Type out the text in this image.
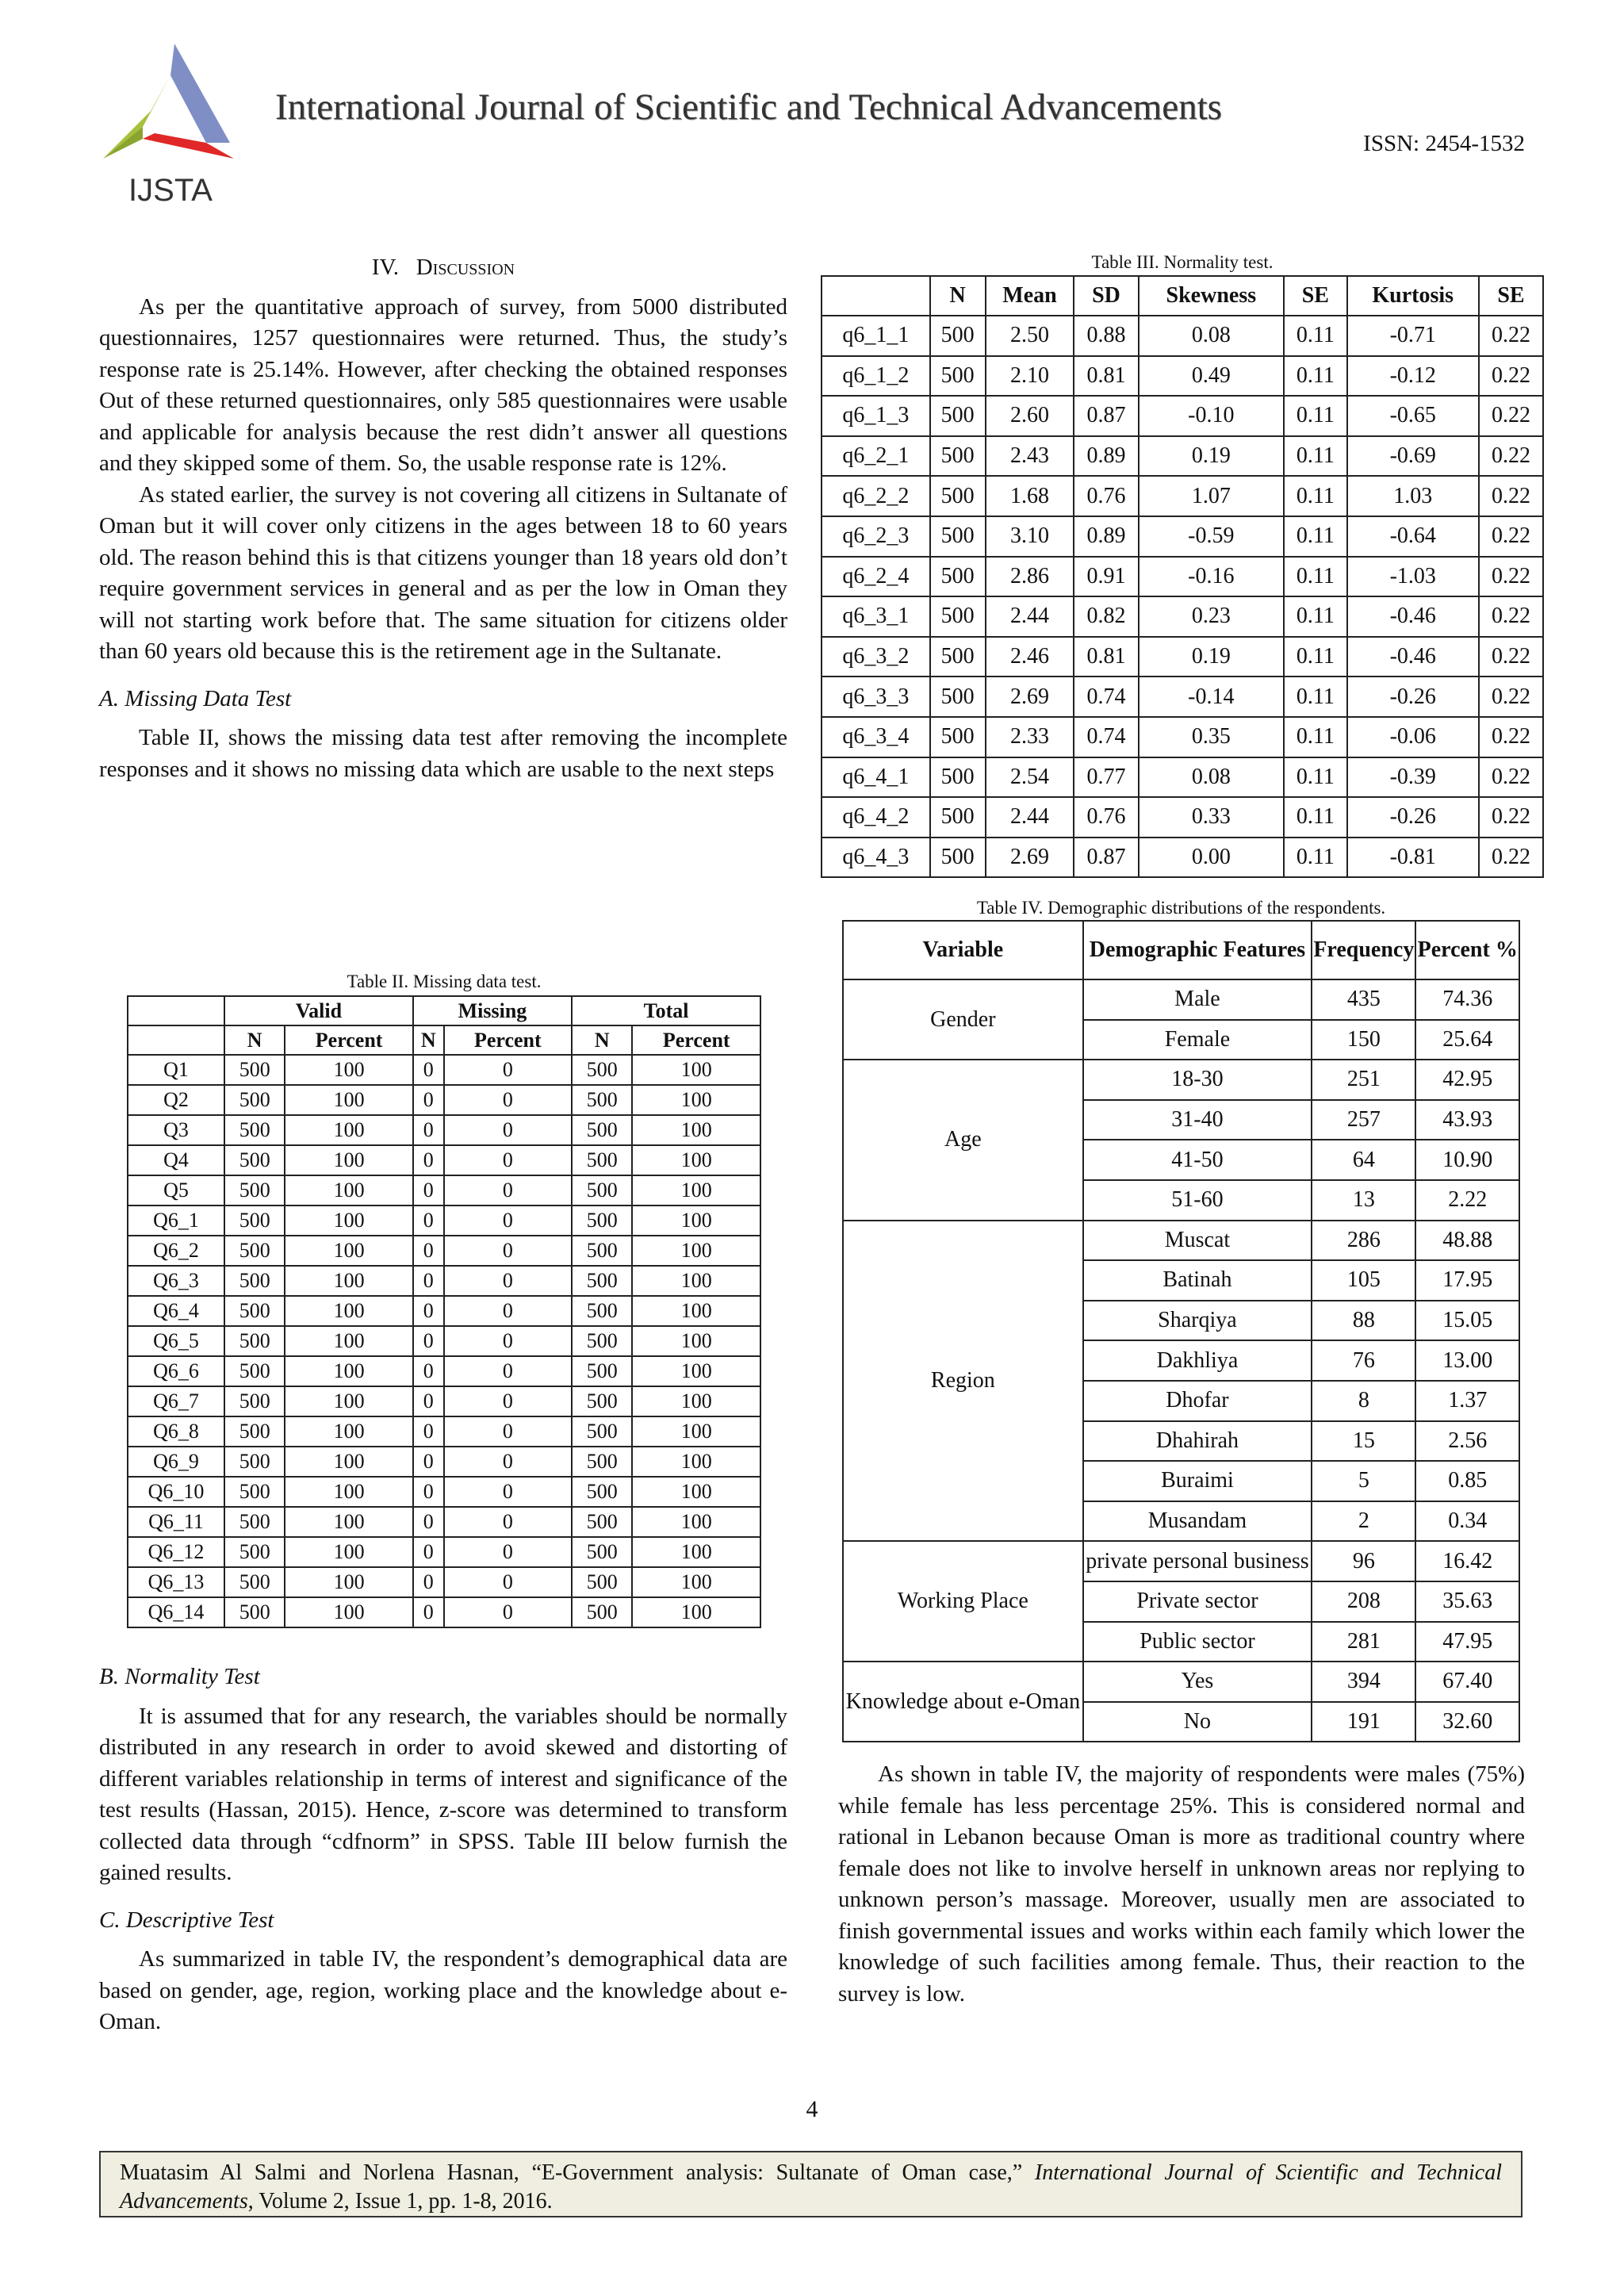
IJSTA
International Journal of Scientific and Technical Advancements
ISSN: 2454-1532
IV. Discussion

As per the quantitative approach of survey, from 5000 distributed questionnaires, 1257 questionnaires were returned. Thus, the study’s response rate is 25.14%. However, after checking the obtained responses Out of these returned questionnaires, only 585 questionnaires were usable and applicable for analysis because the rest didn’t answer all questions and they skipped some of them. So, the usable response rate is 12%.

As stated earlier, the survey is not covering all citizens in Sultanate of Oman but it will cover only citizens in the ages between 18 to 60 years old. The reason behind this is that citizens younger than 18 years old don’t require government services in general and as per the low in Oman they will not starting work before that. The same situation for citizens older than 60 years old because this is the retirement age in the Sultanate.

A. Missing Data Test

Table II, shows the missing data test after removing the incomplete responses and it shows no missing data which are usable to the next steps

Table II. Missing data test.
	Valid		Missing		Total	
	N	Percent	N	Percent	N	Percent
Q1	500	100	0	0	500	100
Q2	500	100	0	0	500	100
Q3	500	100	0	0	500	100
Q4	500	100	0	0	500	100
Q5	500	100	0	0	500	100
Q6_1	500	100	0	0	500	100
Q6_2	500	100	0	0	500	100
Q6_3	500	100	0	0	500	100
Q6_4	500	100	0	0	500	100
Q6_5	500	100	0	0	500	100
Q6_6	500	100	0	0	500	100
Q6_7	500	100	0	0	500	100
Q6_8	500	100	0	0	500	100
Q6_9	500	100	0	0	500	100
Q6_10	500	100	0	0	500	100
Q6_11	500	100	0	0	500	100
Q6_12	500	100	0	0	500	100
Q6_13	500	100	0	0	500	100
Q6_14	500	100	0	0	500	100
B. Normality Test

It is assumed that for any research, the variables should be normally distributed in any research in order to avoid skewed and distorting of different variables relationship in terms of interest and significance of the test results (Hassan, 2015). Hence, z-score was determined to transform collected data through “cdfnorm” in SPSS. Table III below furnish the gained results.

C. Descriptive Test

As summarized in table IV, the respondent’s demographical data are based on gender, age, region, working place and the knowledge about e-Oman.

Table III. Normality test.
	N	Mean	SD	Skewness	SE	Kurtosis	SE
q6_1_1	500	2.50	0.88	0.08	0.11	-0.71	0.22
q6_1_2	500	2.10	0.81	0.49	0.11	-0.12	0.22
q6_1_3	500	2.60	0.87	-0.10	0.11	-0.65	0.22
q6_2_1	500	2.43	0.89	0.19	0.11	-0.69	0.22
q6_2_2	500	1.68	0.76	1.07	0.11	1.03	0.22
q6_2_3	500	3.10	0.89	-0.59	0.11	-0.64	0.22
q6_2_4	500	2.86	0.91	-0.16	0.11	-1.03	0.22
q6_3_1	500	2.44	0.82	0.23	0.11	-0.46	0.22
q6_3_2	500	2.46	0.81	0.19	0.11	-0.46	0.22
q6_3_3	500	2.69	0.74	-0.14	0.11	-0.26	0.22
q6_3_4	500	2.33	0.74	0.35	0.11	-0.06	0.22
q6_4_1	500	2.54	0.77	0.08	0.11	-0.39	0.22
q6_4_2	500	2.44	0.76	0.33	0.11	-0.26	0.22
q6_4_3	500	2.69	0.87	0.00	0.11	-0.81	0.22
Table IV. Demographic distributions of the respondents.
Variable	Demographic Features	Frequency	Percent %
Gender	Male	435	74.36
	Female	150	25.64
Age	18-30	251	42.95
	31-40	257	43.93
	41-50	64	10.90
	51-60	13	2.22
Region	Muscat	286	48.88
	Batinah	105	17.95
	Sharqiya	88	15.05
	Dakhliya	76	13.00
	Dhofar	8	1.37
	Dhahirah	15	2.56
	Buraimi	5	0.85
	Musandam	2	0.34
Working Place	private personal business	96	16.42
	Private sector	208	35.63
	Public sector	281	47.95
Knowledge about e-Oman	Yes	394	67.40
	No	191	32.60

As shown in table IV, the majority of respondents were males (75%) while female has less percentage 25%. This is considered normal and rational in Lebanon because Oman is more as traditional country where female does not like to involve herself in unknown areas nor replying to unknown person’s massage. Moreover, usually men are associated to finish governmental issues and works within each family which lower the knowledge of such facilities among female. Thus, their reaction to the survey is low.

4
Muatasim Al Salmi and Norlena Hasnan, “E-Government analysis: Sultanate of Oman case,” International Journal of Scientific and Technical Advancements, Volume 2, Issue 1, pp. 1-8, 2016.
